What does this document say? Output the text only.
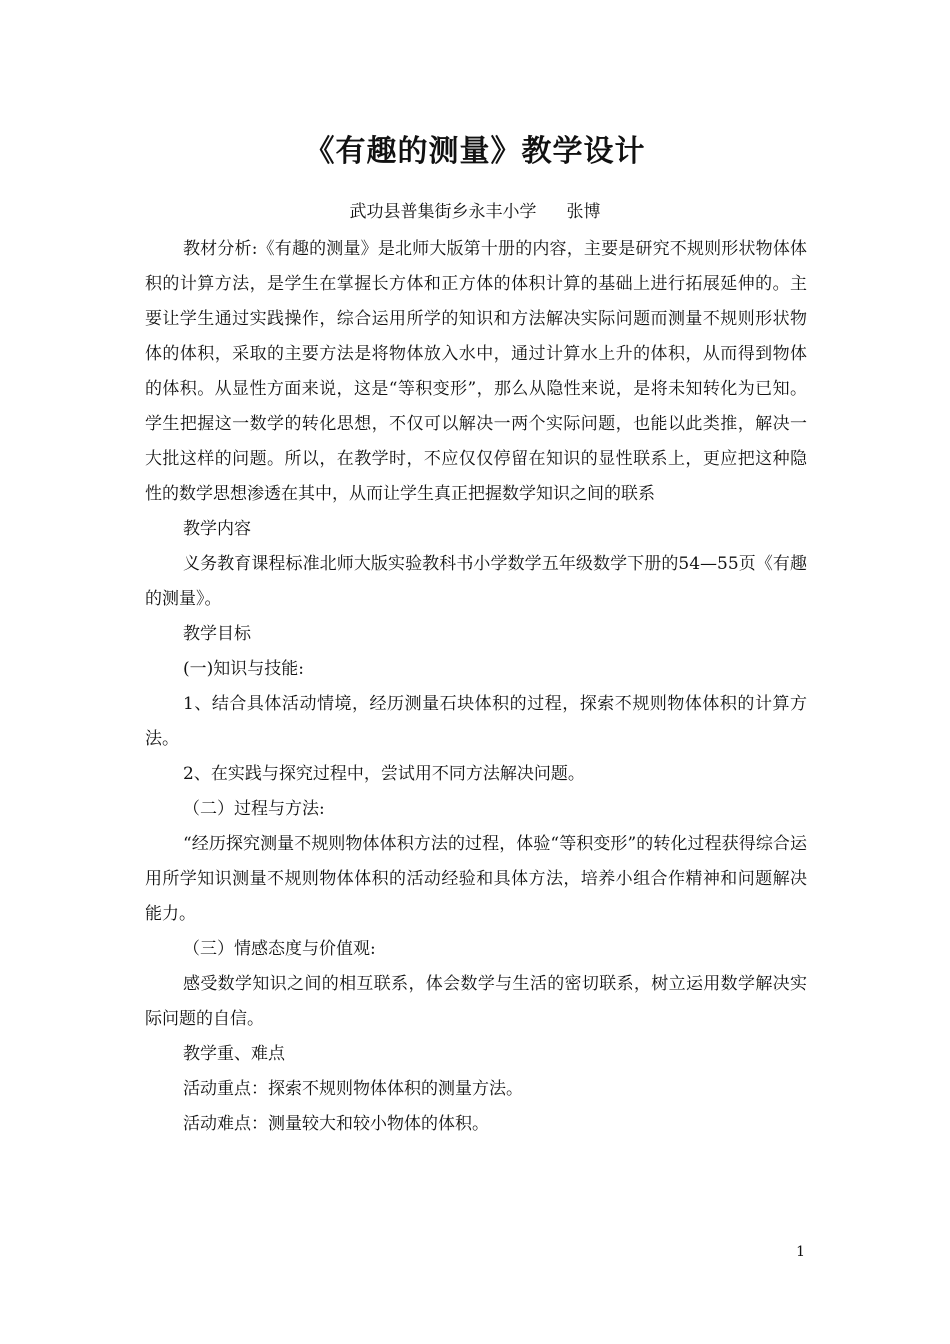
《有趣的测量》教学设计
武功县普集街乡永丰小学 张博

教材分析:《有趣的测量》是北师大版第十册的内容，主要是研究不规则形状物体体积的计算方法，是学生在掌握长方体和正方体的体积计算的基础上进行拓展延伸的。主要让学生通过实践操作，综合运用所学的知识和方法解决实际问题而测量不规则形状物体的体积，采取的主要方法是将物体放入水中，通过计算水上升的体积，从而得到物体的体积。从显性方面来说，这是“等积变形”，那么从隐性来说，是将未知转化为已知。学生把握这一数学的转化思想，不仅可以解决一两个实际问题，也能以此类推，解决一大批这样的问题。所以，在教学时，不应仅仅停留在知识的显性联系上，更应把这种隐性的数学思想渗透在其中，从而让学生真正把握数学知识之间的联系

教学内容

义务教育课程标准北师大版实验教科书小学数学五年级数学下册的54—55页《有趣的测量》。

教学目标

(一)知识与技能:

1、结合具体活动情境，经历测量石块体积的过程，探索不规则物体体积的计算方法。

2、在实践与探究过程中，尝试用不同方法解决问题。

（二）过程与方法:

“经历探究测量不规则物体体积方法的过程，体验“等积变形”的转化过程获得综合运用所学知识测量不规则物体体积的活动经验和具体方法，培养小组合作精神和问题解决能力。

（三）情感态度与价值观:

感受数学知识之间的相互联系，体会数学与生活的密切联系，树立运用数学解决实际问题的自信。

教学重、难点

活动重点：探索不规则物体体积的测量方法。

活动难点：测量较大和较小物体的体积。

1
